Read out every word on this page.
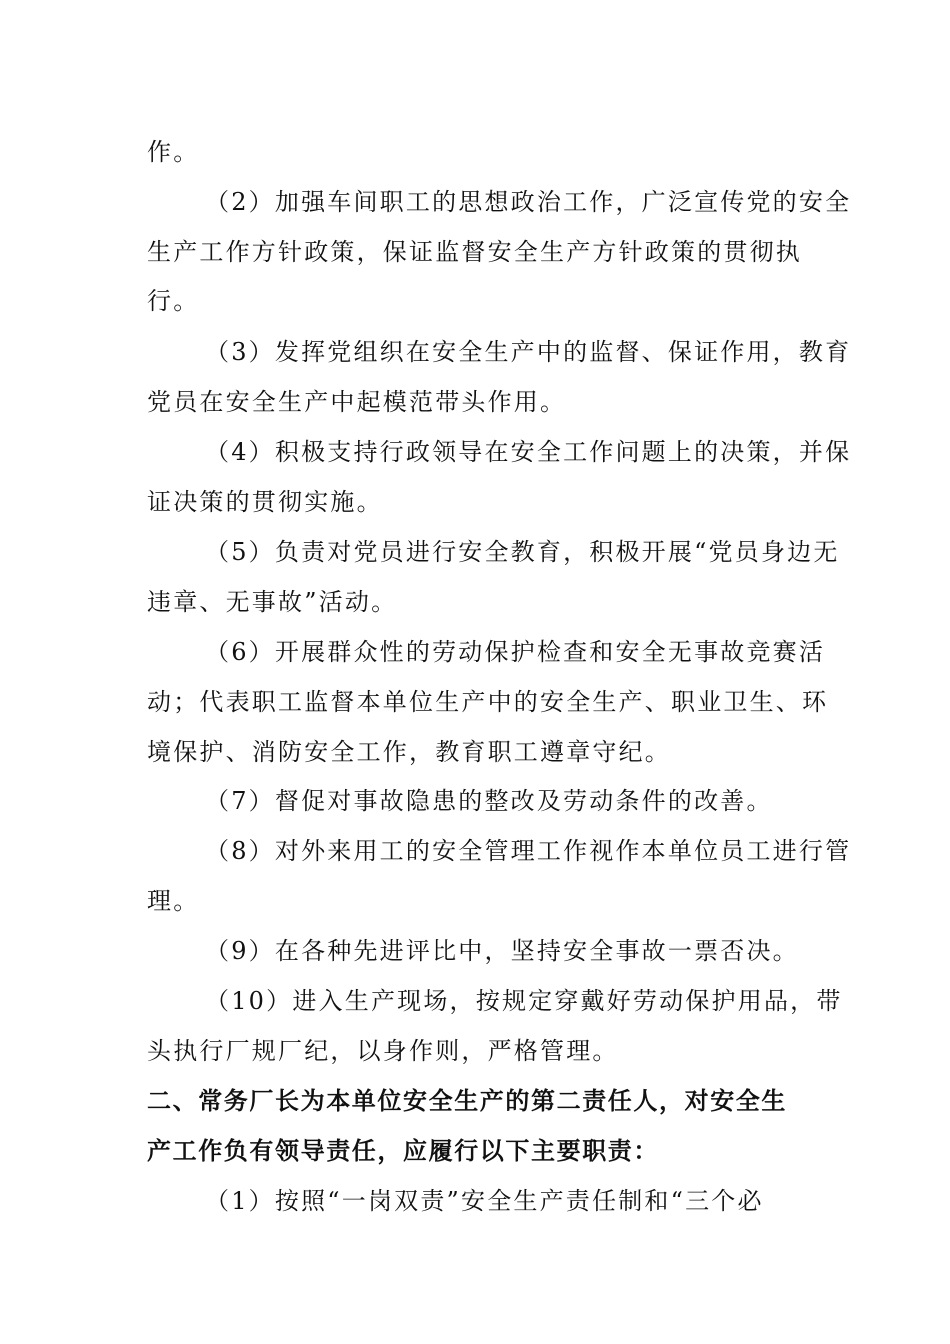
作。
（2）加强车间职工的思想政治工作，广泛宣传党的安全
生产工作方针政策，保证监督安全生产方针政策的贯彻执
行。
（3）发挥党组织在安全生产中的监督、保证作用，教育
党员在安全生产中起模范带头作用。
（4）积极支持行政领导在安全工作问题上的决策，并保
证决策的贯彻实施。
（5）负责对党员进行安全教育，积极开展“党员身边无
违章、无事故”活动。
（6）开展群众性的劳动保护检查和安全无事故竞赛活
动；代表职工监督本单位生产中的安全生产、职业卫生、环
境保护、消防安全工作，教育职工遵章守纪。
（7）督促对事故隐患的整改及劳动条件的改善。
（8）对外来用工的安全管理工作视作本单位员工进行管
理。
（9）在各种先进评比中，坚持安全事故一票否决。
（10）进入生产现场，按规定穿戴好劳动保护用品，带
头执行厂规厂纪，以身作则，严格管理。
二、常务厂长为本单位安全生产的第二责任人，对安全生
产工作负有领导责任，应履行以下主要职责：
（1）按照“一岗双责”安全生产责任制和“三个必
